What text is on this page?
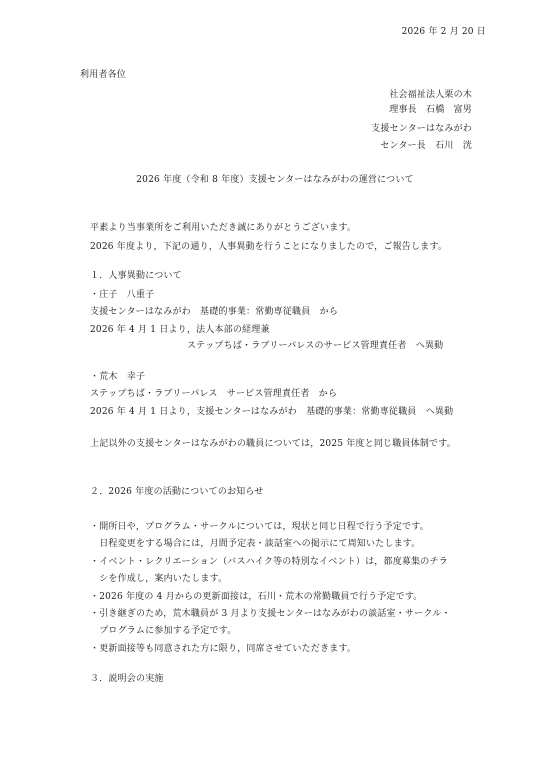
2026 年 2 月 20 日
利用者各位
社会福祉法人栗の木
理事長　石橋　富男
支援センターはなみがわ
センター長　石川　洸
2026 年度（令和 8 年度）支援センターはなみがわの運営について
平素より当事業所をご利用いただき誠にありがとうございます。
2026 年度より，下記の通り，人事異動を行うことになりましたので，ご報告します。
１．人事異動について
・庄子　八重子
支援センターはなみがわ　基礎的事業：常勤専従職員　から
2026 年 4 月 1 日より，法人本部の経理兼
ステップちば・ラブリーパレスのサービス管理責任者　へ異動
・荒木　幸子
ステップちば・ラブリーパレス　サービス管理責任者　から
2026 年 4 月 1 日より，支援センターはなみがわ　基礎的事業：常勤専従職員　へ異動
上記以外の支援センターはなみがわの職員については，2025 年度と同じ職員体制です。
２．2026 年度の活動についてのお知らせ
・開所日や，プログラム・サークルについては，現状と同じ日程で行う予定です。
　日程変更をする場合には，月間予定表・談話室への掲示にて周知いたします。
・イベント・レクリエーション（バスハイク等の特別なイベント）は，都度募集のチラ
　シを作成し，案内いたします。
・2026 年度の 4 月からの更新面接は，石川・荒木の常勤職員で行う予定です。
・引き継ぎのため，荒木職員が 3 月より支援センターはなみがわの談話室・サークル・
　プログラムに参加する予定です。
・更新面接等も同意された方に限り，同席させていただきます。
３．説明会の実施
